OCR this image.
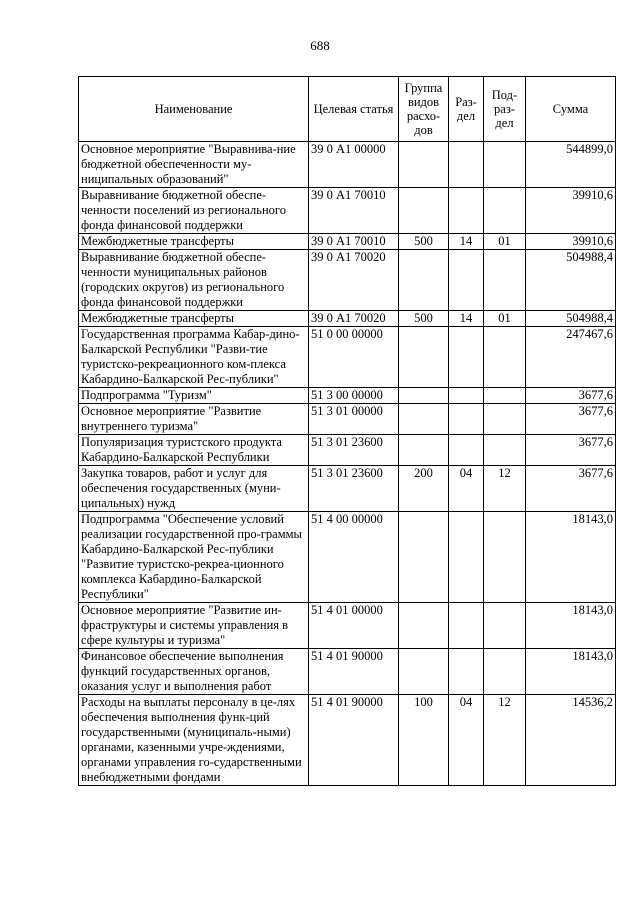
688
Наименование	Целевая статья	Группа видов расхо-дов	Раз-дел	Под-раз-дел	Сумма
Основное мероприятие "Выравнива-ние бюджетной обеспеченности му-ниципальных образований"	39 0 А1 00000				544899,0
Выравнивание бюджетной обеспе-ченности поселений из регионального фонда финансовой поддержки	39 0 А1 70010				39910,6
Межбюджетные трансферты	39 0 А1 70010	500	14	01	39910,6
Выравнивание бюджетной обеспе-ченности муниципальных районов (городских округов) из регионального фонда финансовой поддержки	39 0 А1 70020				504988,4
Межбюджетные трансферты	39 0 А1 70020	500	14	01	504988,4
Государственная программа Кабар-дино-Балкарской Республики "Разви-тие туристско-рекреационного ком-плекса Кабардино-Балкарской Рес-публики"	51 0 00 00000				247467,6
Подпрограмма "Туризм"	51 3 00 00000				3677,6
Основное мероприятие "Развитие внутреннего туризма"	51 3 01 00000				3677,6
Популяризация туристского продукта Кабардино-Балкарской Республики	51 3 01 23600				3677,6
Закупка товаров, работ и услуг для обеспечения государственных (муни-ципальных) нужд	51 3 01 23600	200	04	12	3677,6
Подпрограмма "Обеспечение условий реализации государственной про-граммы Кабардино-Балкарской Рес-публики "Развитие туристско-рекреа-ционного комплекса Кабардино-Балкарской Республики"	51 4 00 00000				18143,0
Основное мероприятие "Развитие ин-фраструктуры и системы управления в сфере культуры и туризма"	51 4 01 00000				18143,0
Финансовое обеспечение выполнения функций государственных органов, оказания услуг и выполнения работ	51 4 01 90000				18143,0
Расходы на выплаты персоналу в це-лях обеспечения выполнения функ-ций государственными (муниципаль-ными) органами, казенными учре-ждениями, органами управления го-сударственными внебюджетными фондами	51 4 01 90000	100	04	12	14536,2
